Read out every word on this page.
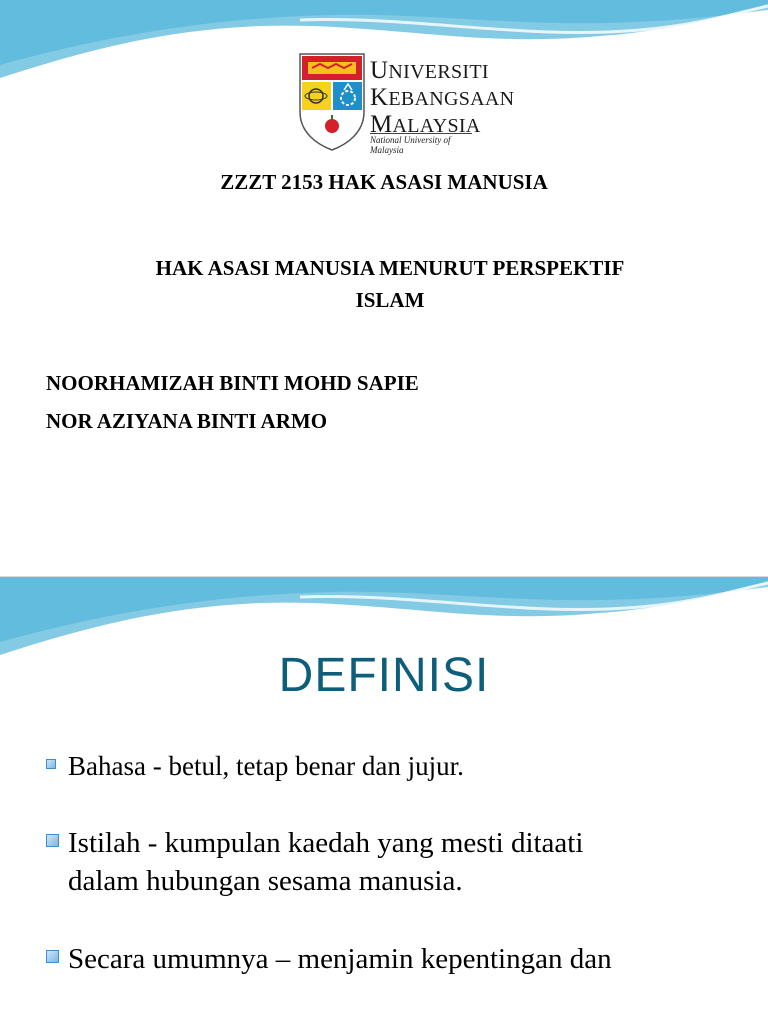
UNIVERSITI
KEBANGSAAN
MALAYSIA
National University of Malaysia
ZZZT 2153 HAK ASASI MANUSIA
HAK ASASI MANUSIA MENURUT PERSPEKTIF
ISLAM
NOORHAMIZAH BINTI MOHD SAPIE
NOR AZIYANA BINTI ARMO
DEFINISI
Bahasa - betul, tetap benar dan jujur.
Istilah - kumpulan kaedah yang mesti ditaati
dalam hubungan sesama manusia.
Secara umumnya – menjamin kepentingan dan
